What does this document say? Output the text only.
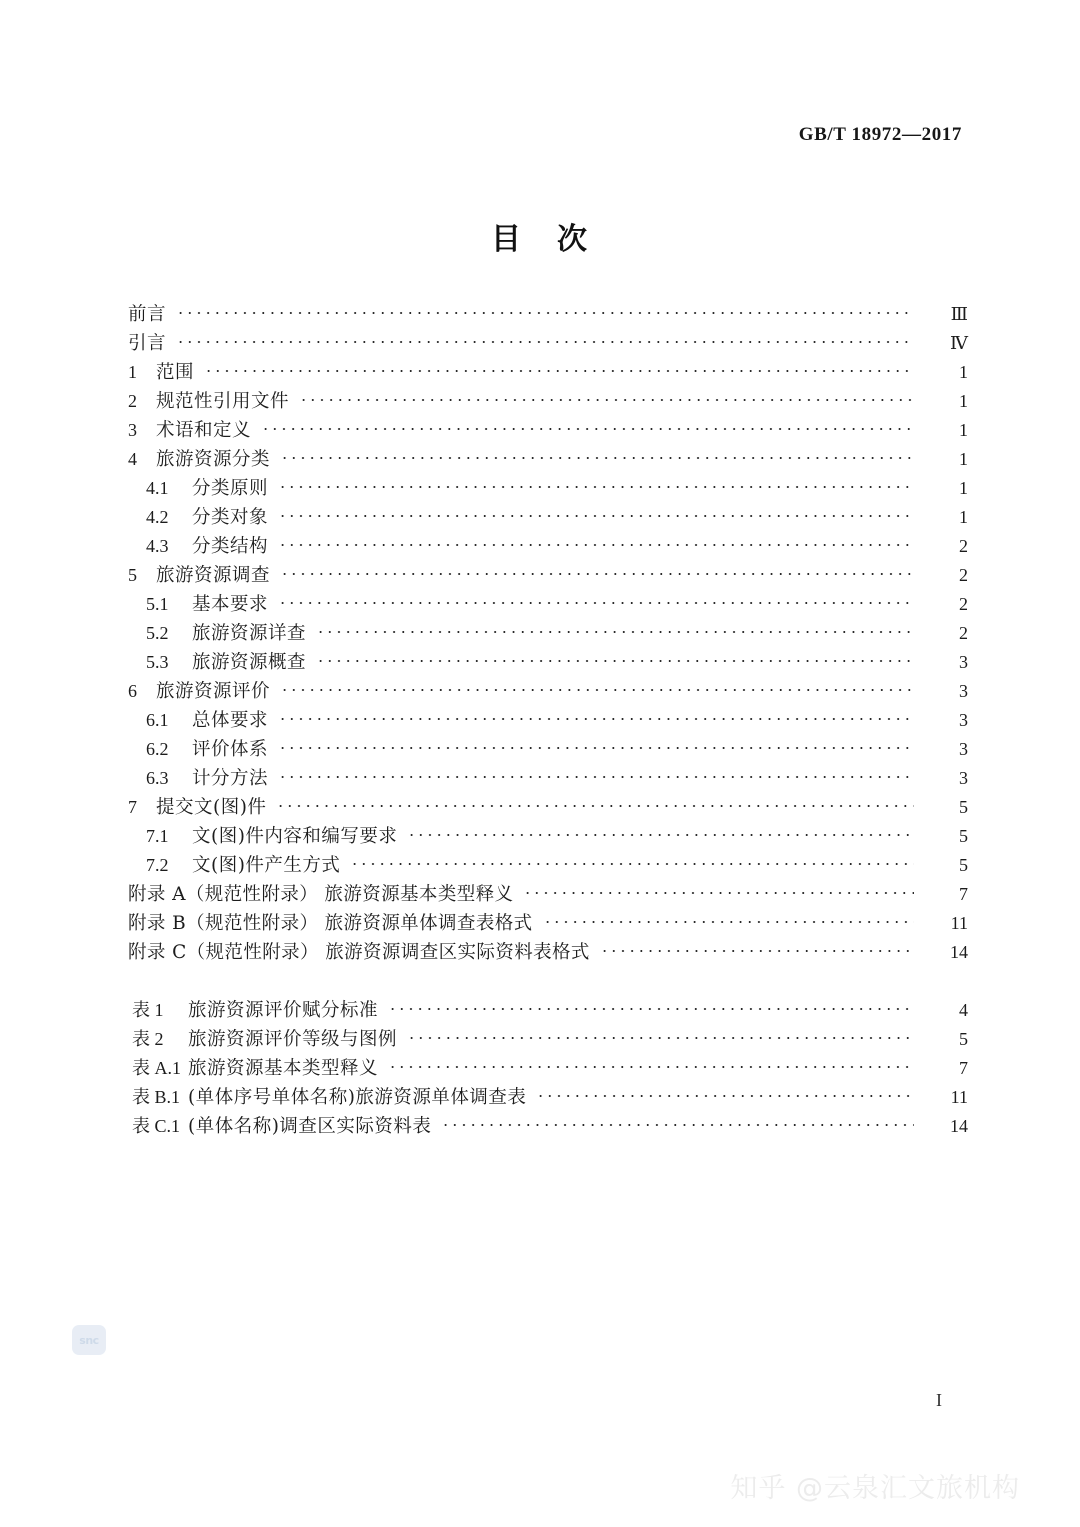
GB/T 18972—2017
目 次
前言	Ⅲ
引言	Ⅳ
1	范围	1
2	规范性引用文件	1
3	术语和定义	1
4	旅游资源分类	1
4.1	分类原则	1
4.2	分类对象	1
4.3	分类结构	2
5	旅游资源调查	2
5.1	基本要求	2
5.2	旅游资源详查	2
5.3	旅游资源概查	3
6	旅游资源评价	3
6.1	总体要求	3
6.2	评价体系	3
6.3	计分方法	3
7	提交文(图)件	5
7.1	文(图)件内容和编写要求	5
7.2	文(图)件产生方式	5
附录 A（规范性附录） 旅游资源基本类型释义	7
附录 B（规范性附录） 旅游资源单体调查表格式	11
附录 C（规范性附录） 旅游资源调查区实际资料表格式	14
表 1	旅游资源评价赋分标准	4
表 2	旅游资源评价等级与图例	5
表 A.1 旅游资源基本类型释义	7
表 B.1 (单体序号单体名称)旅游资源单体调查表	11
表 C.1 (单体名称)调查区实际资料表	14
snc
I
知乎 @云泉汇文旅机构
